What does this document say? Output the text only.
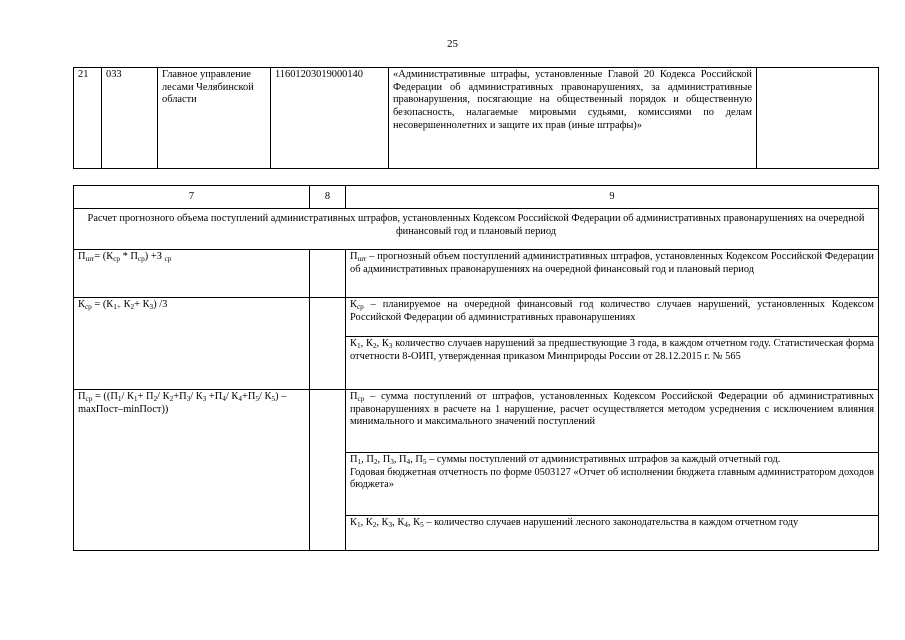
25
21	033	Главное управление лесами Челябинской области	11601203019000140	«Административные штрафы, установленные Главой 20 Кодекса Российской Федерации об административных правонарушениях, за административные правонарушения, посягающие на общественный порядок и общественную безопасность, налагаемые мировыми судьями, комиссиями по делам несовершеннолетних и защите их прав (иные штрафы)»	
7	8	9
Расчет прогнозного объема поступлений административных штрафов, установленных Кодексом Российской Федерации об административных правонарушениях на очередной финансовый год и плановый период		
$П_{шт}= (К_{ср} * П_{ср}) +З$ $_{ср}$		$П_{шт}$ – прогнозный объем поступлений административных штрафов, установленных Кодексом Российской Федерации об административных правонарушениях на очередной финансовый год и плановый период
$К_{ср} = (К_{1+}$ $К_2+ К_3$) /3		$К_{ср}$ – планируемое на очередной финансовый год количество случаев нарушений, установленных Кодексом Российской Федерации об административных правонарушениях
		$К_1$, $К_2$, $К_3$ количество случаев нарушений за предшествующие 3 года, в каждом отчетном году. Статистическая форма отчетности 8-ОИП, утвержденная приказом Минприроды России от 28.12.2015 г. № 565
$П_{ср} = ((П_1/$ $К_1+ П_2/$ $К_2+П_3/$ $К_3 +П_4/$ $К_4+П_5/$ $К_5$) – maxПост–minПост))		$П_{ср}$ – сумма поступлений от штрафов, установленных Кодексом Российской Федерации об административных правонарушениях в расчете на 1 нарушение, расчет осуществляется методом усреднения с исключением влияния минимального и максимального значений поступлений
		$П_1$, $П_2$, $П_3$, $П_4$, $П_5$ – суммы поступлений от административных штрафов за каждый отчетный год.
Годовая бюджетная отчетность по форме 0503127 «Отчет об исполнении бюджета главным администратором доходов бюджета»
		$К_1$, $К_2$, $К_3$, $К_4$, $К_5$ – количество случаев нарушений лесного законодательства в каждом отчетном году
